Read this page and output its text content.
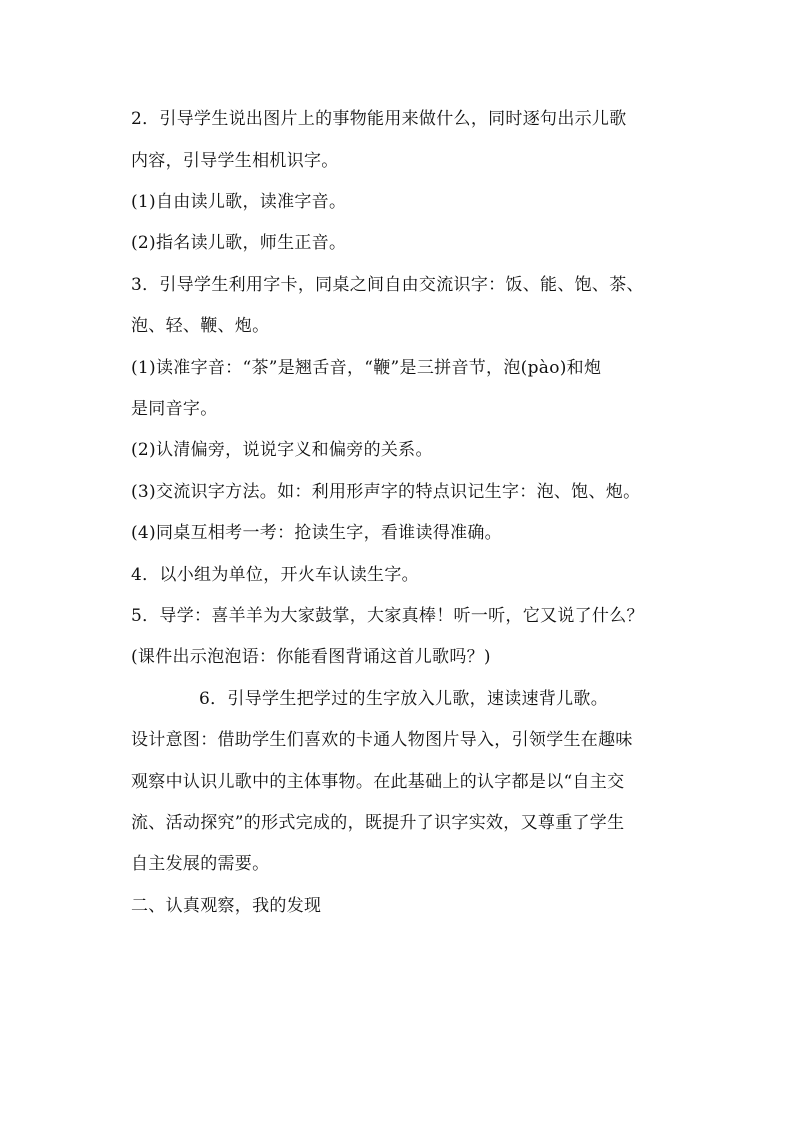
2．引导学生说出图片上的事物能用来做什么，同时逐句出示儿歌
内容，引导学生相机识字。
(1)自由读儿歌，读准字音。
(2)指名读儿歌，师生正音。
3．引导学生利用字卡，同桌之间自由交流识字：饭、能、饱、茶、
泡、轻、鞭、炮。
(1)读准字音：“茶”是翘舌音，“鞭”是三拼音节，泡(pào)和炮
是同音字。
(2)认清偏旁，说说字义和偏旁的关系。
(3)交流识字方法。如：利用形声字的特点识记生字：泡、饱、炮。
(4)同桌互相考一考：抢读生字，看谁读得准确。
4．以小组为单位，开火车认读生字。
5．导学：喜羊羊为大家鼓掌，大家真棒！听一听，它又说了什么？
(课件出示泡泡语：你能看图背诵这首儿歌吗？)
6．引导学生把学过的生字放入儿歌，速读速背儿歌。
设计意图：借助学生们喜欢的卡通人物图片导入，引领学生在趣味
观察中认识儿歌中的主体事物。在此基础上的认字都是以“自主交
流、活动探究”的形式完成的，既提升了识字实效，又尊重了学生
自主发展的需要。
二、认真观察，我的发现
